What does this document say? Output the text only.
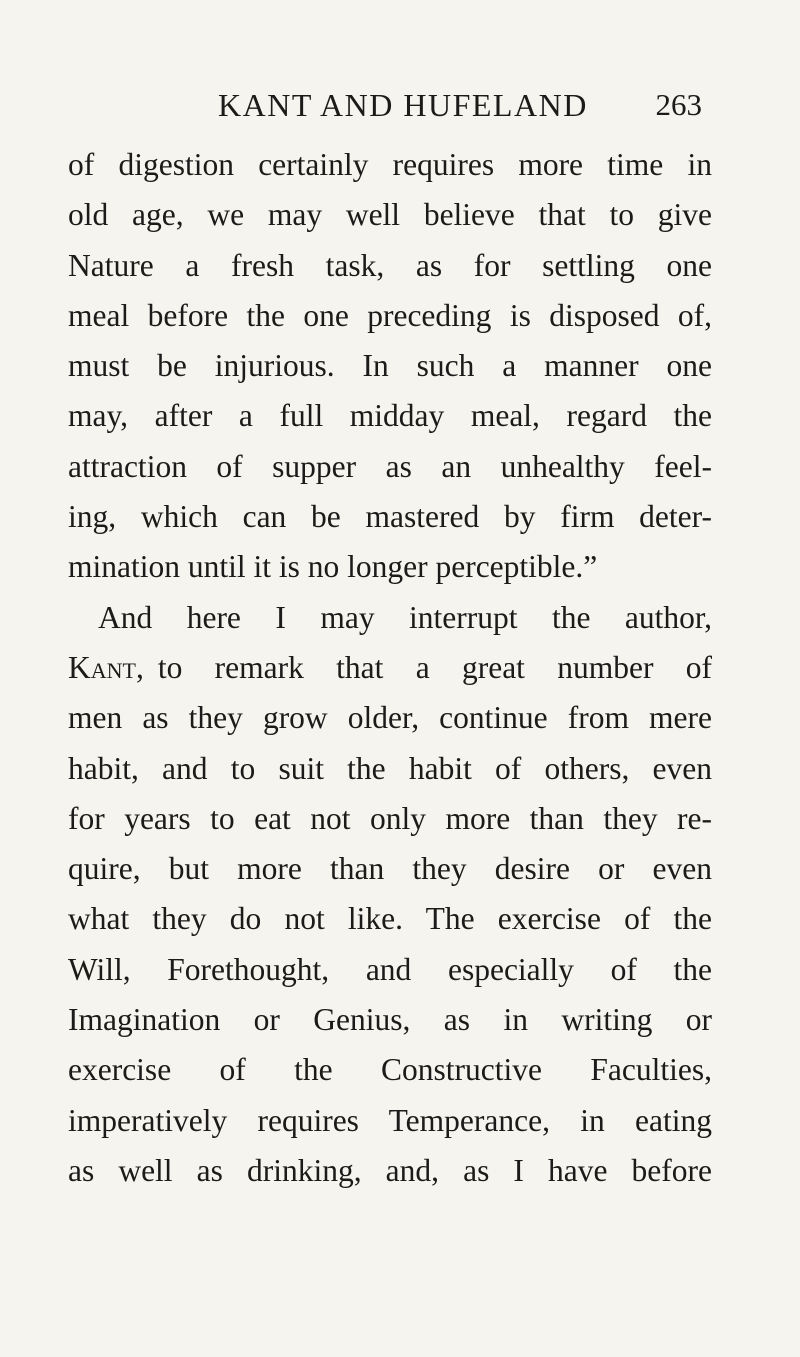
KANT AND HUFELAND 263
of digestion certainly requires more time in
old age, we may well believe that to give
Nature a fresh task, as for settling one
meal before the one preceding is disposed of,
must be injurious. In such a manner one
may, after a full midday meal, regard the
attraction of supper as an unhealthy feel-
ing, which can be mastered by firm deter-
mination until it is no longer perceptible.”
And here I may interrupt the author,
Kant, to remark that a great number of
men as they grow older, continue from mere
habit, and to suit the habit of others, even
for years to eat not only more than they re-
quire, but more than they desire or even
what they do not like. The exercise of the
Will, Forethought, and especially of the
Imagination or Genius, as in writing or
exercise of the Constructive Faculties,
imperatively requires Temperance, in eating
as well as drinking, and, as I have before
